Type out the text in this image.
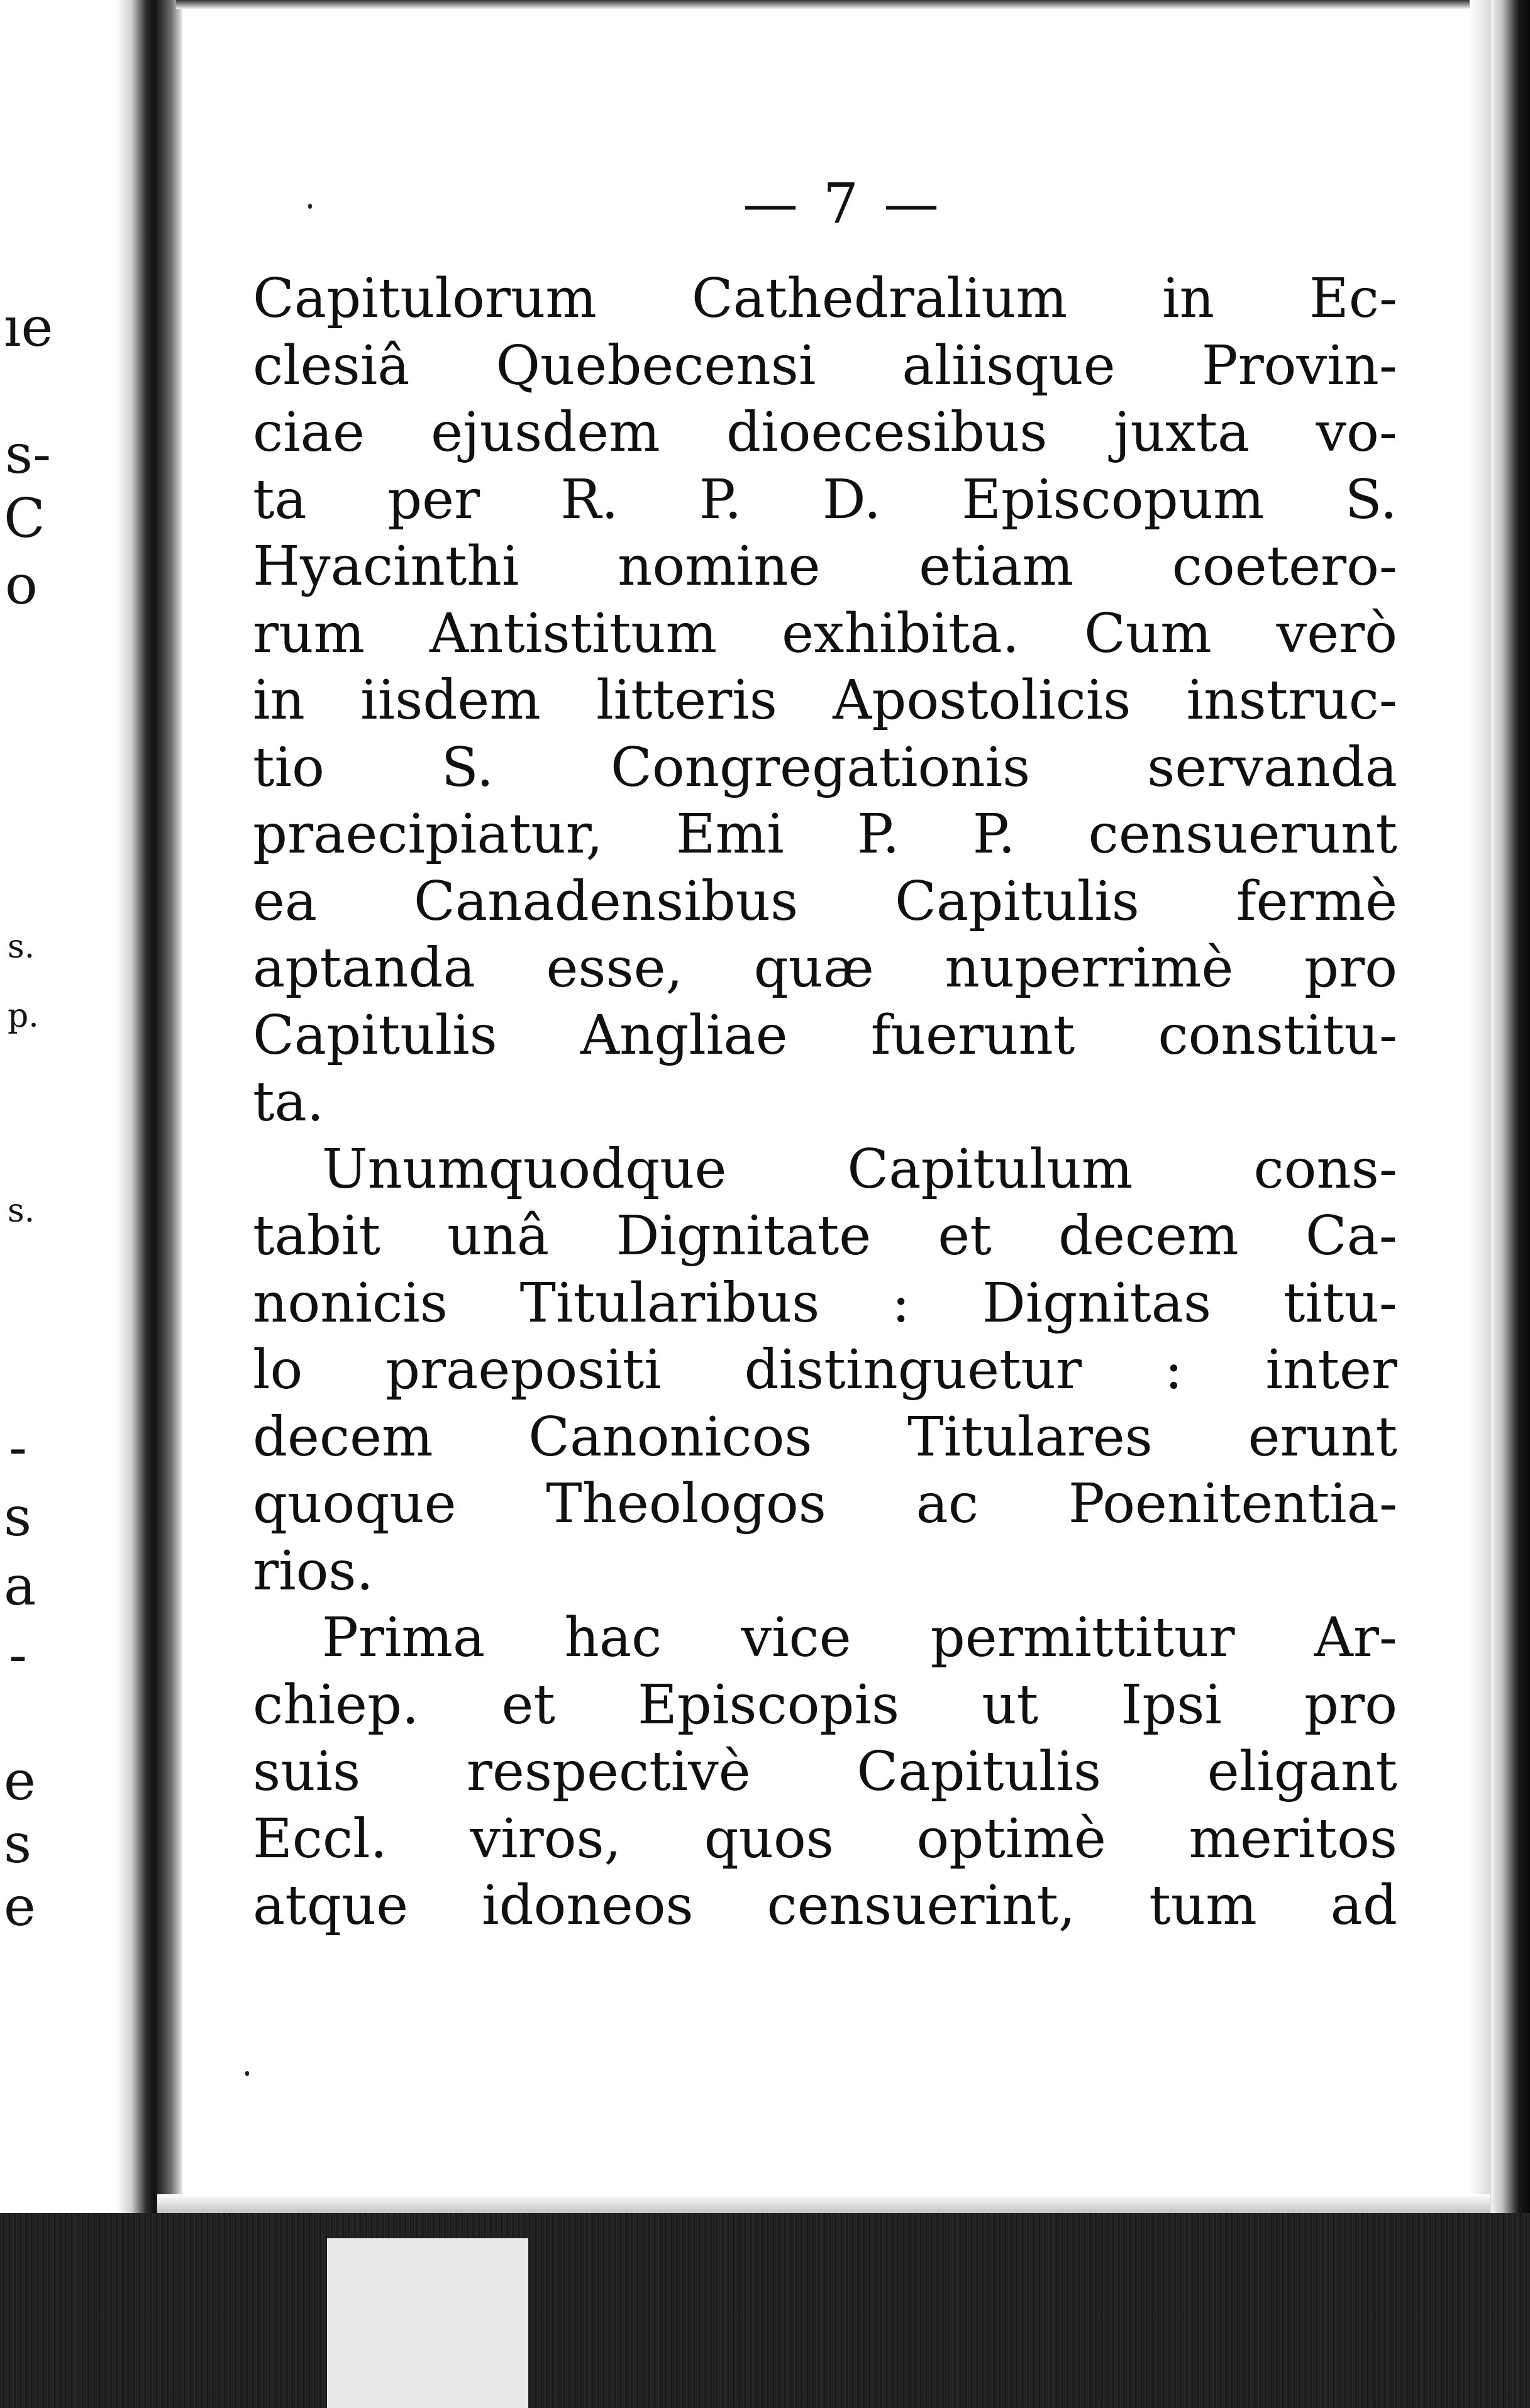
ıe
s-
C
o
s.
p.
s.
-
s
a
-
e
s
e
— 7 —
Capitulorum Cathedralium in Ec-
clesiâ Quebecensi aliisque Provin-
ciae ejusdem dioecesibus juxta vo-
ta per R. P. D. Episcopum S.
Hyacinthi nomine etiam coetero-
rum Antistitum exhibita. Cum verò
in iisdem litteris Apostolicis instruc-
tio S. Congregationis servanda
praecipiatur, Emi P. P. censuerunt
ea Canadensibus Capitulis fermè
aptanda esse, quæ nuperrimè pro
Capitulis Angliae fuerunt constitu-
ta.
Unumquodque Capitulum cons-
tabit unâ Dignitate et decem Ca-
nonicis Titularibus : Dignitas titu-
lo praepositi distinguetur : inter
decem Canonicos Titulares erunt
quoque Theologos ac Poenitentia-
rios.
Prima hac vice permittitur Ar-
chiep. et Episcopis ut Ipsi pro
suis respectivè Capitulis eligant
Eccl. viros, quos optimè meritos
atque idoneos censuerint, tum ad
